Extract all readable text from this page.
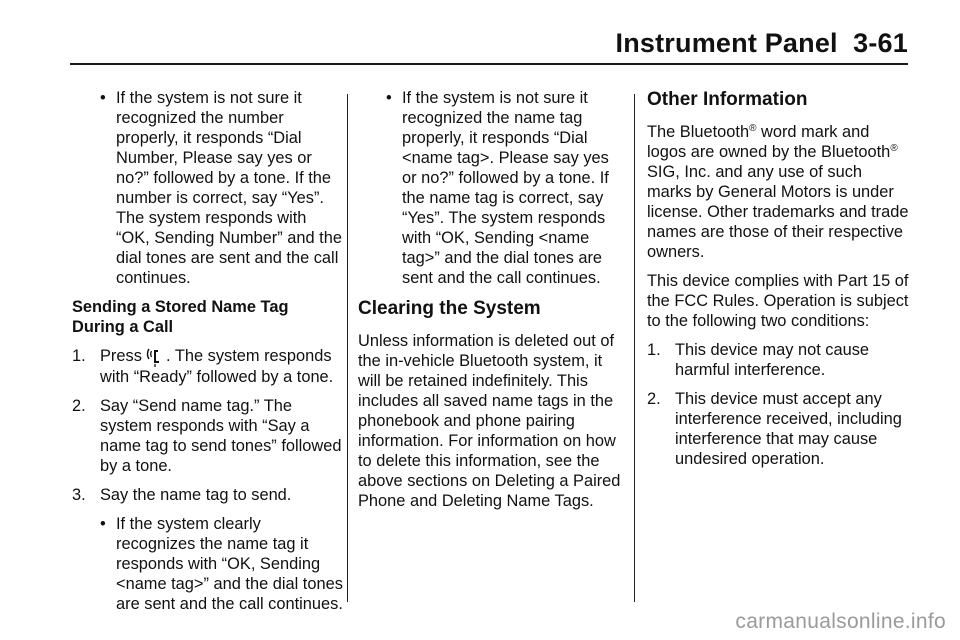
Instrument Panel  3-61
• If the system is not sure it recognized the number properly, it responds “Dial Number, Please say yes or no?” followed by a tone. If the number is correct, say “Yes”. The system responds with “OK, Sending Number” and the dial tones are sent and the call continues.
Sending a Stored Name Tag During a Call
1. Press . The system responds with “Ready” followed by a tone.
2. Say “Send name tag.” The system responds with “Say a name tag to send tones” followed by a tone.
3. Say the name tag to send.
• If the system clearly recognizes the name tag it responds with “OK, Sending <name tag>” and the dial tones are sent and the call continues.
• If the system is not sure it recognized the name tag properly, it responds “Dial <name tag>. Please say yes or no?” followed by a tone. If the name tag is correct, say “Yes”. The system responds with “OK, Sending <name tag>” and the dial tones are sent and the call continues.
Clearing the System

Unless information is deleted out of the in-vehicle Bluetooth system, it will be retained indefinitely. This includes all saved name tags in the phonebook and phone pairing information. For information on how to delete this information, see the above sections on Deleting a Paired Phone and Deleting Name Tags.

Other Information

The Bluetooth® word mark and logos are owned by the Bluetooth® SIG, Inc. and any use of such marks by General Motors is under license. Other trademarks and trade names are those of their respective owners.

This device complies with Part 15 of the FCC Rules. Operation is subject to the following two conditions:

1. This device may not cause harmful interference.
2. This device must accept any interference received, including interference that may cause undesired operation.
carmanualsonline.info
